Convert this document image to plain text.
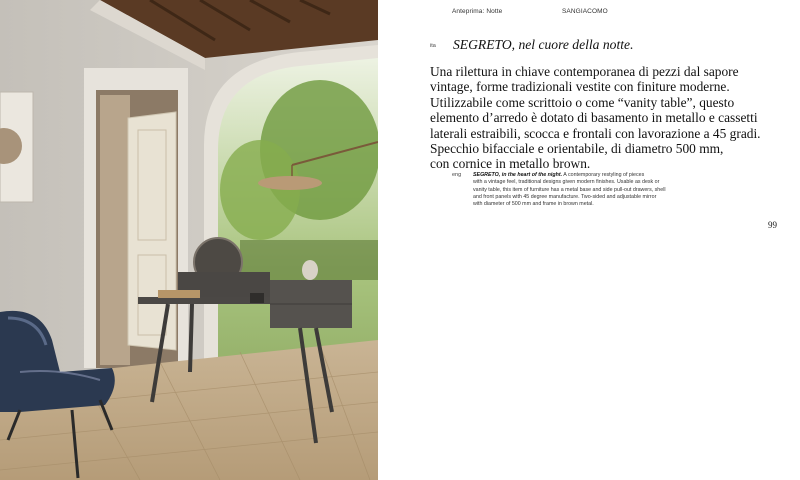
Anteprima: Notte	SANGIACOMO
ita SEGRETO, nel cuore della notte.
Una rilettura in chiave contemporanea di pezzi dal sapore
vintage, forme tradizionali vestite con finiture moderne.
Utilizzabile come scrittoio o come “vanity table”, questo
elemento d’arredo è dotato di basamento in metallo e cassetti
laterali estraibili, scocca e frontali con lavorazione a 45 gradi.
Specchio bifacciale e orientabile, di diametro 500 mm,
con cornice in metallo brown.
eng SEGRETO, in the heart of the night. A contemporary restyling of pieces
with a vintage feel, traditional designs given modern finishes. Usable as desk or
vanity table, this item of furniture has a metal base and side pull-out drawers, shell
and front panels with 45 degree manufacture. Two-sided and adjustable mirror
with diameter of 500 mm and frame in brown metal.
99
